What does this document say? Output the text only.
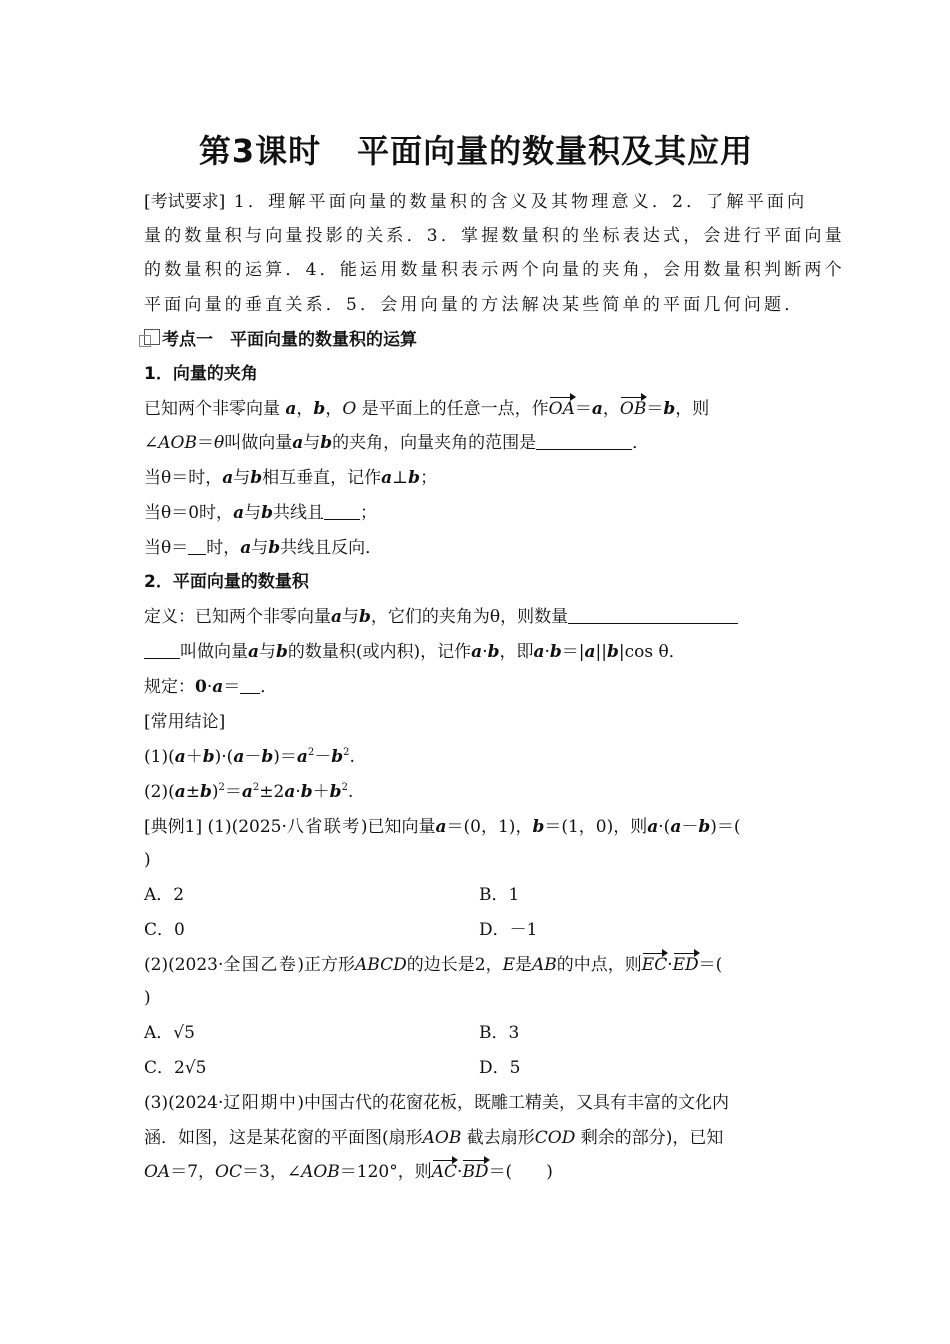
第3课时 平面向量的数量积及其应用
[考试要求] 1．理解平面向量的数量积的含义及其物理意义．2．了解平面向
量的数量积与向量投影的关系．3．掌握数量积的坐标表达式，会进行平面向量
的数量积的运算．4．能运用数量积表示两个向量的夹角，会用数量积判断两个
平面向量的垂直关系．5．会用向量的方法解决某些简单的平面几何问题．
考点一　平面向量的数量积的运算
1．向量的夹角
已知两个非零向量 a，b，O 是平面上的任意一点，作OA＝a，OB＝b，则
∠AOB＝θ叫做向量a与b的夹角，向量夹角的范围是	．
当θ＝时，a与b相互垂直，记作a⊥b；
当θ＝0时，a与b共线且 ；
当θ＝ 时，a与b共线且反向．
2．平面向量的数量积
定义：已知两个非零向量a与b，它们的夹角为θ，则数量
叫做向量a与b的数量积(或内积)，记作a·b，即a·b＝|a||b|cos θ．
规定：0·a＝ ．
[常用结论]
$(1)(a+b)\cdot(a-b)=a^2-b^2$.
$(2)(a\pm b)^2=a^2\pm 2a\cdot b+b^2$.
[典例1] (1)(2025·八省联考)已知向量a＝(0，1)，b＝(1，0)，则a·(a－b)＝(
)
A．2	B．1
C．0	D．－1
(2)(2023·全国乙卷)正方形ABCD的边长是2，E是AB的中点，则EC·ED＝(
)
A．√5	B．3
C．2√5	D．5
(3)(2024·辽阳期中)中国古代的花窗花板，既雕工精美，又具有丰富的文化内
涵．如图，这是某花窗的平面图(扇形AOB 截去扇形COD 剩余的部分)，已知
OA＝7，OC＝3，∠AOB＝120°，则AC·BD＝(　　)
